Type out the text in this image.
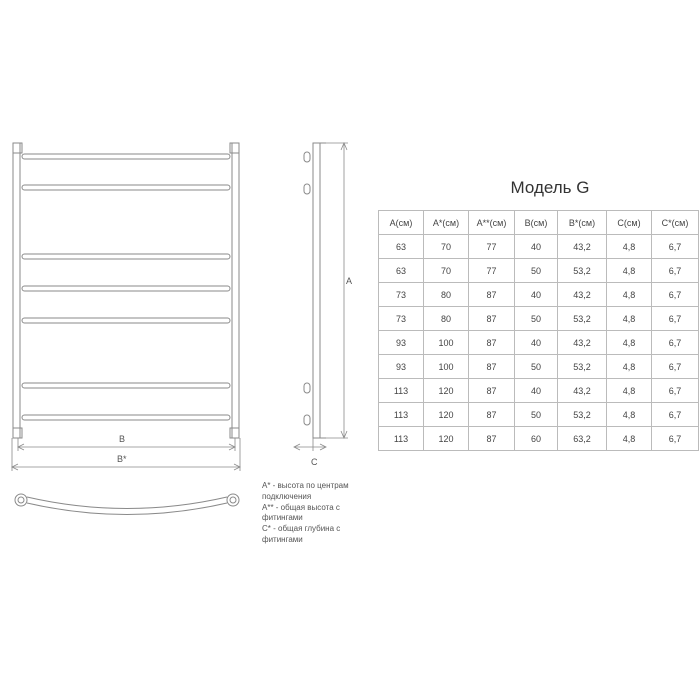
B
B*
A
C
Модель G
A(см)	A*(см)	A**(см)	B(см)	B*(см)	C(см)	C*(см)
63	70	77	40	43,2	4,8	6,7
63	70	77	50	53,2	4,8	6,7
73	80	87	40	43,2	4,8	6,7
73	80	87	50	53,2	4,8	6,7
93	100	87	40	43,2	4,8	6,7
93	100	87	50	53,2	4,8	6,7
113	120	87	40	43,2	4,8	6,7
113	120	87	50	53,2	4,8	6,7
113	120	87	60	63,2	4,8	6,7
A* - высота по центрам
подключения
A** - общая высота с
фитингами
C* - общая глубина с
фитингами
